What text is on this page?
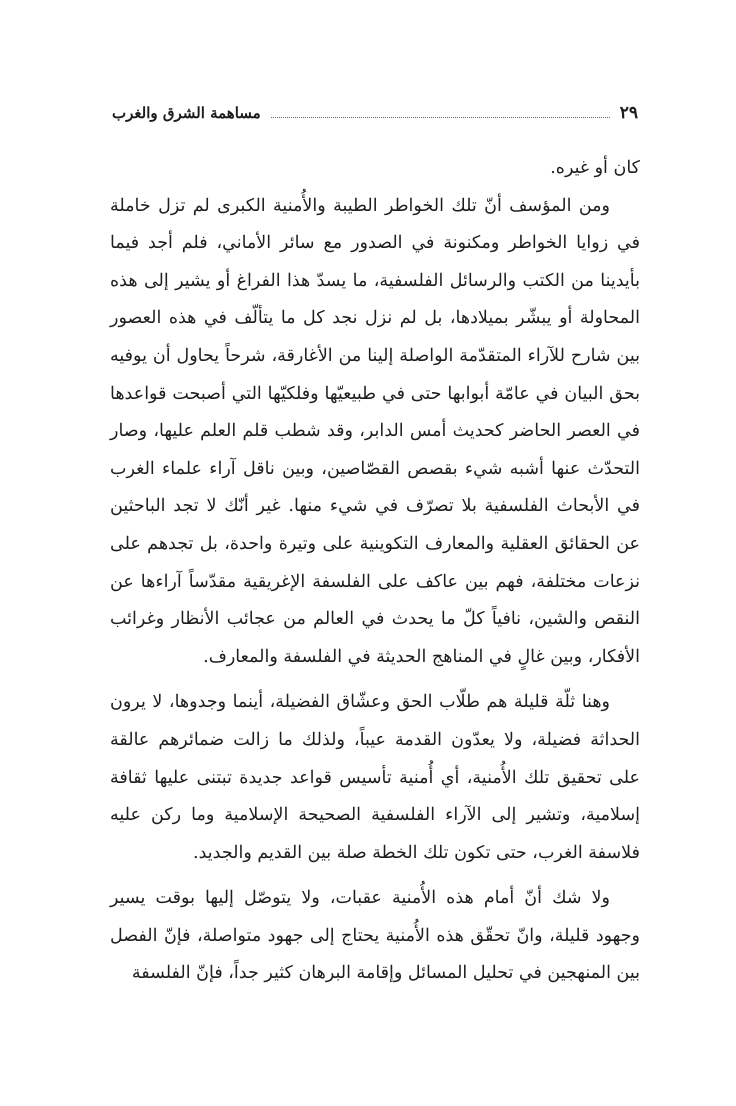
مساهمة الشرق والغرب	٢٩

كان أو غيره.

ومن المؤسف أنّ تلك الخواطر الطيبة والأُمنية الكبرى لم تزل خاملة في زوايا الخواطر ومكنونة في الصدور مع سائر الأماني، فلم أجد فيما بأيدينا من الكتب والرسائل الفلسفية، ما يسدّ هذا الفراغ أو يشير إلى هذه المحاولة أو يبشّر بميلادها، بل لم نزل نجد كل ما يتألّف في هذه العصور بين شارح للآراء المتقدّمة الواصلة إلينا من الأغارقة، شرحاً يحاول أن يوفيه بحق البيان في عامّة أبوابها حتى في طبيعيّها وفلكيّها التي أصبحت قواعدها في العصر الحاضر كحديث أمس الدابر، وقد شطب قلم العلم عليها، وصار التحدّث عنها أشبه شيء بقصص القصّاصين، وبين ناقل آراء علماء الغرب في الأبحاث الفلسفية بلا تصرّف في شيء منها. غير أنّك لا تجد الباحثين عن الحقائق العقلية والمعارف التكوينية على وتيرة واحدة، بل تجدهم على نزعات مختلفة، فهم بين عاكف على الفلسفة الإغريقية مقدّساً آراءها عن النقص والشين، نافياً كلّ ما يحدث في العالم من عجائب الأنظار وغرائب الأفكار، وبين غالٍ في المناهج الحديثة في الفلسفة والمعارف.

وهنا ثلّة قليلة هم طلّاب الحق وعشّاق الفضيلة، أينما وجدوها، لا يرون الحداثة فضيلة، ولا يعدّون القدمة عيباً، ولذلك ما زالت ضمائرهم عالقة على تحقيق تلك الأُمنية، أي أُمنية تأسيس قواعد جديدة تبتنى عليها ثقافة إسلامية، وتشير إلى الآراء الفلسفية الصحيحة الإسلامية وما ركن عليه فلاسفة الغرب، حتى تكون تلك الخطة صلة بين القديم والجديد.

ولا شك أنّ أمام هذه الأُمنية عقبات، ولا يتوصّل إليها بوقت يسير وجهود قليلة، وانّ تحقّق هذه الأُمنية يحتاج إلى جهود متواصلة، فإنّ الفصل بين المنهجين في تحليل المسائل وإقامة البرهان كثير جداً، فإنّ الفلسفة
